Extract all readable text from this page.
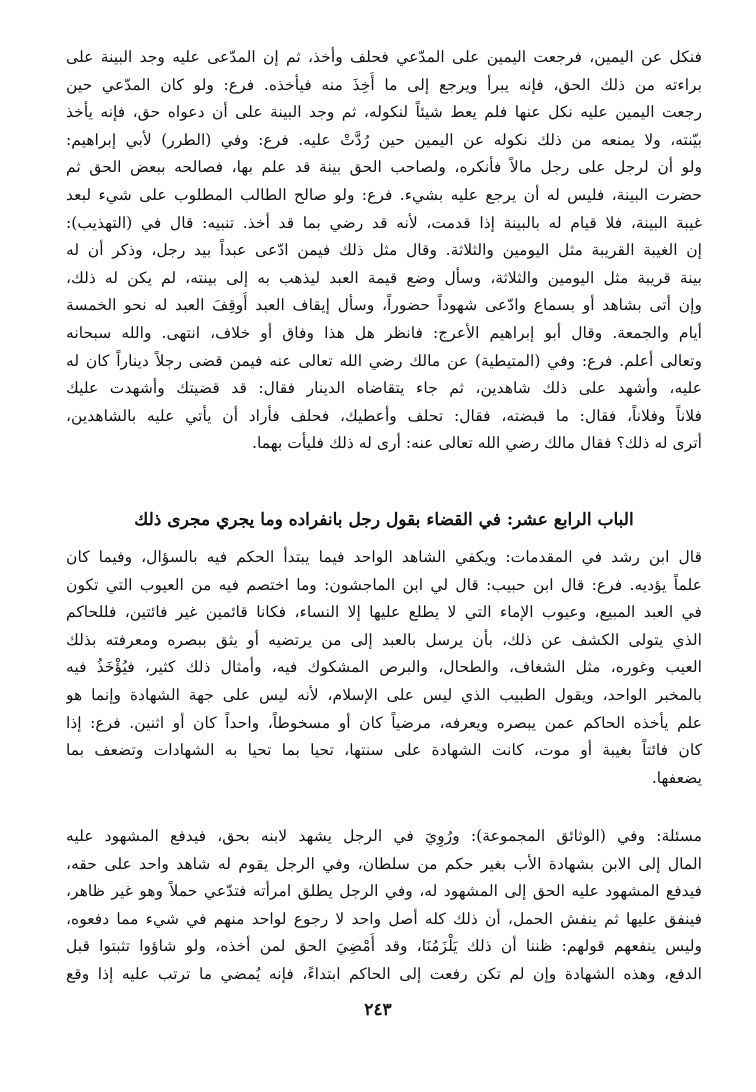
فنكل عن اليمين، فرجعت اليمين على المدّعي فحلف وأخذ، ثم إن المدّعى عليه وجد البينة على
براءته من ذلك الحق، فإنه يبرأ ويرجع إلى ما أُخِذَ منه فيأخذه. فرع: ولو كان المدّعي حين
رجعت اليمين عليه نكل عنها فلم يعط شيئاً لنكوله، ثم وجد البينة على أن دعواه حق، فإنه يأخذ
بيّنته، ولا يمنعه من ذلك نكوله عن اليمين حين رُدَّتْ عليه. فرع: وفي (الطرر) لأبي إبراهيم:
ولو أن لرجل على رجل مالاً فأنكره، ولصاحب الحق بينة قد علم بها، فصالحه ببعض الحق ثم
حضرت البينة، فليس له أن يرجع عليه بشيء. فرع: ولو صالح الطالب المطلوب على شيء لبعد
غيبة البينة، فلا قيام له بالبينة إذا قدمت، لأنه قد رضي بما قد أخذ. تنبيه: قال في (التهذيب):
إن الغيبة القريبة مثل اليومين والثلاثة. وقال مثل ذلك فيمن ادّعى عبداً بيد رجل، وذكر أن له
بينة قريبة مثل اليومين والثلاثة، وسأل وضع قيمة العبد ليذهب به إلى بينته، لم يكن له ذلك،
وإن أتى بشاهد أو بسماع وادّعى شهوداً حضوراً، وسأل إيقاف العبد أُوقِفَ العبد له نحو الخمسة
أيام والجمعة. وقال أبو إبراهيم الأعرج: فانظر هل هذا وفاق أو خلاف، انتهى. والله سبحانه
وتعالى أعلم. فرع: وفي (المتيطية) عن مالك رضي الله تعالى عنه فيمن قضى رجلاً ديناراً كان له
عليه، وأشهد على ذلك شاهدين، ثم جاء يتقاضاه الدينار فقال: قد قضيتك وأشهدت عليك
فلاناً وفلاناً، فقال: ما قبضته، فقال: تحلف وأعطيك، فحلف فأراد أن يأتي عليه بالشاهدين،
أترى له ذلك؟ فقال مالك رضي الله تعالى عنه: أرى له ذلك فليأت بهما.
الباب الرابع عشر: في القضاء بقول رجل بانفراده وما يجري مجرى ذلك
قال ابن رشد في المقدمات: ويكفي الشاهد الواحد فيما يبتدأ الحكم فيه بالسؤال، وفيما كان
علماً يؤديه. فرع: قال ابن حبيب: قال لي ابن الماجشون: وما اختصم فيه من العيوب التي تكون
في العبد المبيع، وعيوب الإماء التي لا يطلع عليها إلا النساء، فكانا قائمين غير فائتين، فللحاكم
الذي يتولى الكشف عن ذلك، بأن يرسل بالعبد إلى من يرتضيه أو يثق ببصره ومعرفته بذلك
العيب وغوره، مثل الشغاف، والطحال، والبرص المشكوك فيه، وأمثال ذلك كثير، فيُؤْخَذُ فيه
بالمخبر الواحد، ويقول الطبيب الذي ليس على الإسلام، لأنه ليس على جهة الشهادة وإنما هو
علم يأخذه الحاكم عمن يبصره ويعرفه، مرضياً كان أو مسخوطاً، واحداً كان أو اثنين. فرع: إذا
كان فائتاً بغيبة أو موت، كانت الشهادة على سنتها، تحيا بما تحيا به الشهادات وتضعف بما
يضعفها.
مسئلة: وفي (الوثائق المجموعة): ورُوِيَ في الرجل يشهد لابنه بحق، فيدفع المشهود عليه
المال إلى الابن بشهادة الأب بغير حكم من سلطان، وفي الرجل يقوم له شاهد واحد على حقه،
فيدفع المشهود عليه الحق إلى المشهود له، وفي الرجل يطلق امرأته فتدّعي حملاً وهو غير ظاهر،
فينفق عليها ثم ينفش الحمل، أن ذلك كله أصل واحد لا رجوع لواحد منهم في شيء مما دفعوه،
وليس ينفعهم قولهم: ظننا أن ذلك يَلْزَمُنَا، وقد أُمْضِيَ الحق لمن أخذه، ولو شاؤوا تثبتوا قبل
الدفع، وهذه الشهادة وإن لم تكن رفعت إلى الحاكم ابتداءً، فإنه يُمضي ما ترتب عليه إذا وقع
٢٤٣
